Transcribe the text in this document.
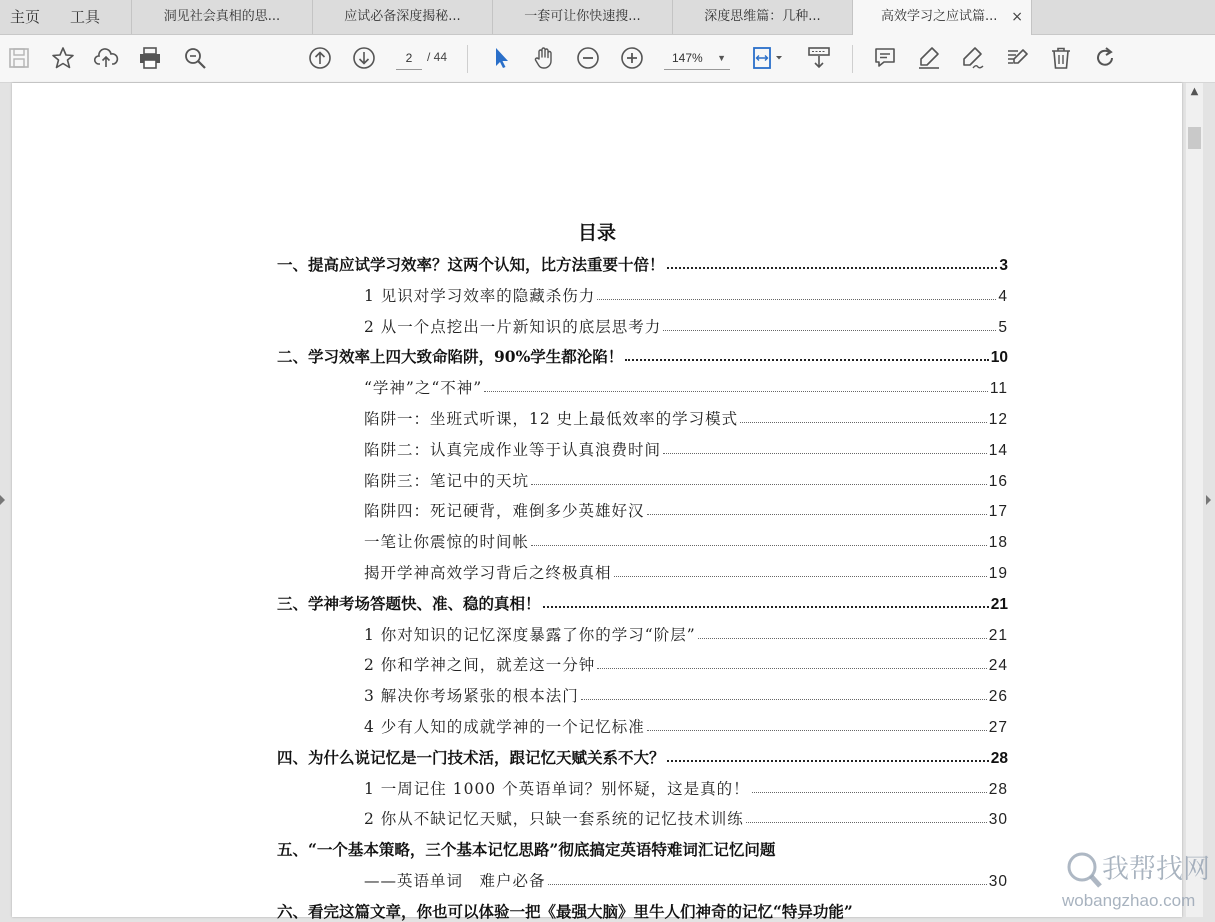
主页 工具	洞见社会真相的思...	应试必备深度揭秘...	一套可让你快速搜...	深度思维篇：几种...	高效学习之应试篇... ×
2
/ 44	147% ▼
目录
一、提高应试学习效率？这两个认知，比方法重要十倍！	3
1 见识对学习效率的隐藏杀伤力	4
2 从一个点挖出一片新知识的底层思考力	5
二、学习效率上四大致命陷阱，90%学生都沦陷！	10
“学神”之“不神”	11
陷阱一：坐班式听课，12 史上最低效率的学习模式	12
陷阱二：认真完成作业等于认真浪费时间	14
陷阱三：笔记中的天坑	16
陷阱四：死记硬背，难倒多少英雄好汉	17
一笔让你震惊的时间帐	18
揭开学神高效学习背后之终极真相	19
三、学神考场答题快、准、稳的真相！	21
1 你对知识的记忆深度暴露了你的学习“阶层”	21
2 你和学神之间，就差这一分钟	24
3 解决你考场紧张的根本法门	26
4 少有人知的成就学神的一个记忆标准	27
四、为什么说记忆是一门技术活，跟记忆天赋关系不大？	28
1 一周记住 1000 个英语单词？别怀疑，这是真的！	28
2 你从不缺记忆天赋，只缺一套系统的记忆技术训练	30
五、“一个基本策略，三个基本记忆思路”彻底搞定英语特难词汇记忆问题
——英语单词　难户必备	30
六、看完这篇文章，你也可以体验一把《最强大脑》里牛人们神奇的记忆“特异功能”
▲
我帮找网
wobangzhao.com
